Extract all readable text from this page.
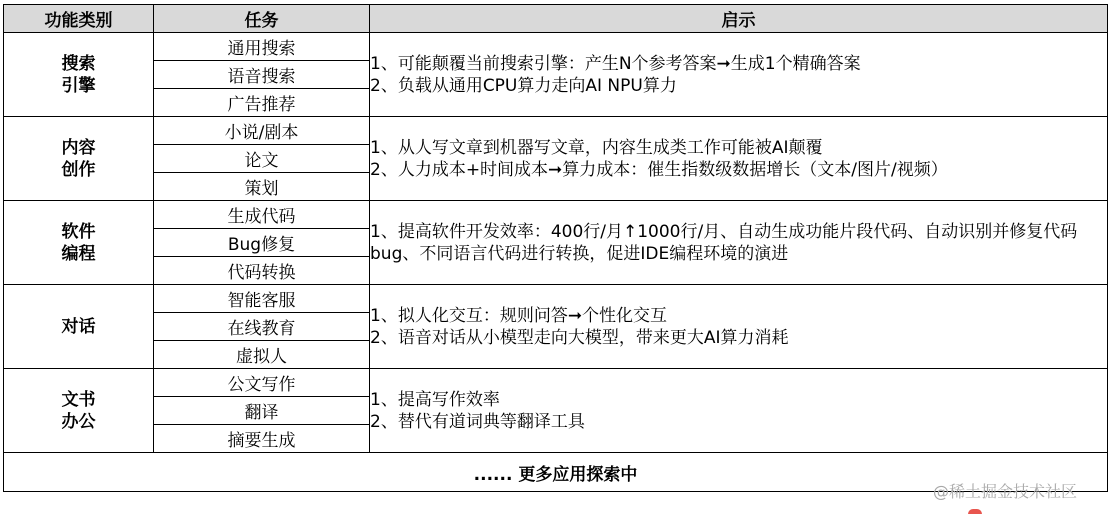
功能类别	任务	启示

搜索
引擎	通用搜索	1、可能颠覆当前搜索引擎：产生N个参考答案➞生成1个精确答案
2、负载从通用CPU算力走向AI NPU算力

	语音搜索	
	广告推荐	

内容
创作	小说/剧本	1、从人写文章到机器写文章，内容生成类工作可能被AI颠覆
2、人力成本+时间成本➞算力成本：催生指数级数据增长（文本/图片/视频）

	论文	
	策划	

软件
编程	生成代码	1、提高软件开发效率：400行/月↑1000行/月、自动生成功能片段代码、自动识别并修复代码bug、不同语言代码进行转换，促进IDE编程环境的演进

	Bug修复	
	代码转换	

对话	智能客服	1、拟人化交互：规则问答➞个性化交互
2、语音对话从小模型走向大模型，带来更大AI算力消耗

	在线教育	
	虚拟人	

文书
办公	公文写作	1、提高写作效率
2、替代有道词典等翻译工具

	翻译	
	摘要生成	
...... 更多应用探索中		
@稀土掘金技术社区
